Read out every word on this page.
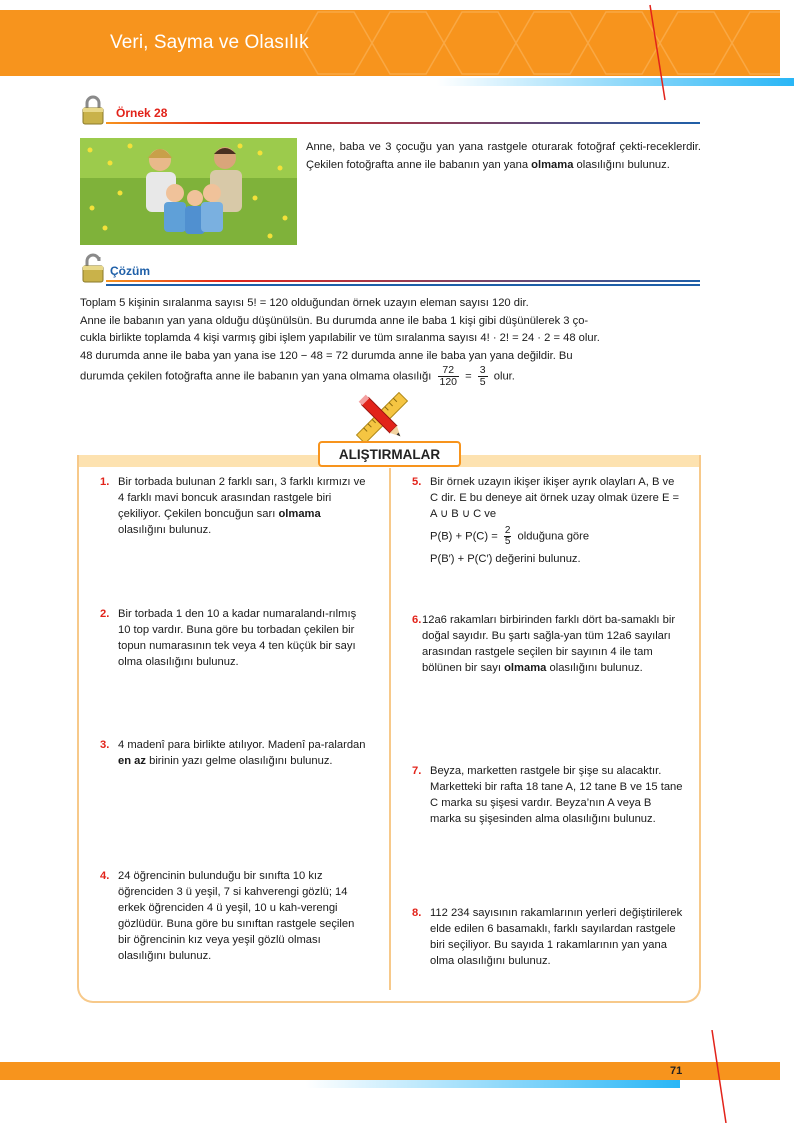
Veri, Sayma ve Olasılık
Örnek 28
Anne, baba ve 3 çocuğu yan yana rastgele oturarak fotoğraf çekti-receklerdir. Çekilen fotoğrafta anne ile babanın yan yana olmama olasılığını bulunuz.
Çözüm
Toplam 5 kişinin sıralanma sayısı 5! = 120 olduğundan örnek uzayın eleman sayısı 120 dir.
Anne ile babanın yan yana olduğu düşünülsün. Bu durumda anne ile baba 1 kişi gibi düşünülerek 3 ço-
cukla birlikte toplamda 4 kişi varmış gibi işlem yapılabilir ve tüm sıralanma sayısı 4! · 2! = 24 · 2 = 48 olur.
48 durumda anne ile baba yan yana ise 120 − 48 = 72 durumda anne ile baba yan yana değildir. Bu
durumda çekilen fotoğrafta anne ile babanın yan yana olmama olasılığı $\frac{72}{120} = \frac{3}{5}$ olur.
ALIŞTIRMALAR
1. Bir torbada bulunan 2 farklı sarı, 3 farklı kırmızı ve 4 farklı mavi boncuk arasından rastgele biri çekiliyor. Çekilen boncuğun sarı olmama olasılığını bulunuz.
2. Bir torbada 1 den 10 a kadar numaralandı-rılmış 10 top vardır. Buna göre bu torbadan çekilen bir topun numarasının tek veya 4 ten küçük bir sayı olma olasılığını bulunuz.
3. 4 madenî para birlikte atılıyor. Madenî pa-ralardan en az birinin yazı gelme olasılığını bulunuz.
4. 24 öğrencinin bulunduğu bir sınıfta 10 kız öğrenciden 3 ü yeşil, 7 si kahverengi gözlü; 14 erkek öğrenciden 4 ü yeşil, 10 u kah-verengi gözlüdür. Buna göre bu sınıftan rastgele seçilen bir öğrencinin kız veya yeşil gözlü olması olasılığını bulunuz.
5. Bir örnek uzayın ikişer ikişer ayrık olayları A, B ve C dir. E bu deneye ait örnek uzay olmak üzere E = A ∪ B ∪ C ve
$P(B) + P(C) = \frac{2}{5}$ olduğuna göre
P(B′) + P(C′) değerini bulunuz.
6. 12a6 rakamları birbirinden farklı dört ba-samaklı bir doğal sayıdır. Bu şartı sağla-yan tüm 12a6 sayıları arasından rastgele seçilen bir sayının 4 ile tam bölünen bir sayı olmama olasılığını bulunuz.
7. Beyza, marketten rastgele bir şişe su alacaktır. Marketteki bir rafta 18 tane A, 12 tane B ve 15 tane C marka su şişesi vardır. Beyza’nın A veya B marka su şişesinden alma olasılığını bulunuz.
8. 112 234 sayısının rakamlarının yerleri değiştirilerek elde edilen 6 basamaklı, farklı sayılardan rastgele biri seçiliyor. Bu sayıda 1 rakamlarının yan yana olma olasılığını bulunuz.
71
